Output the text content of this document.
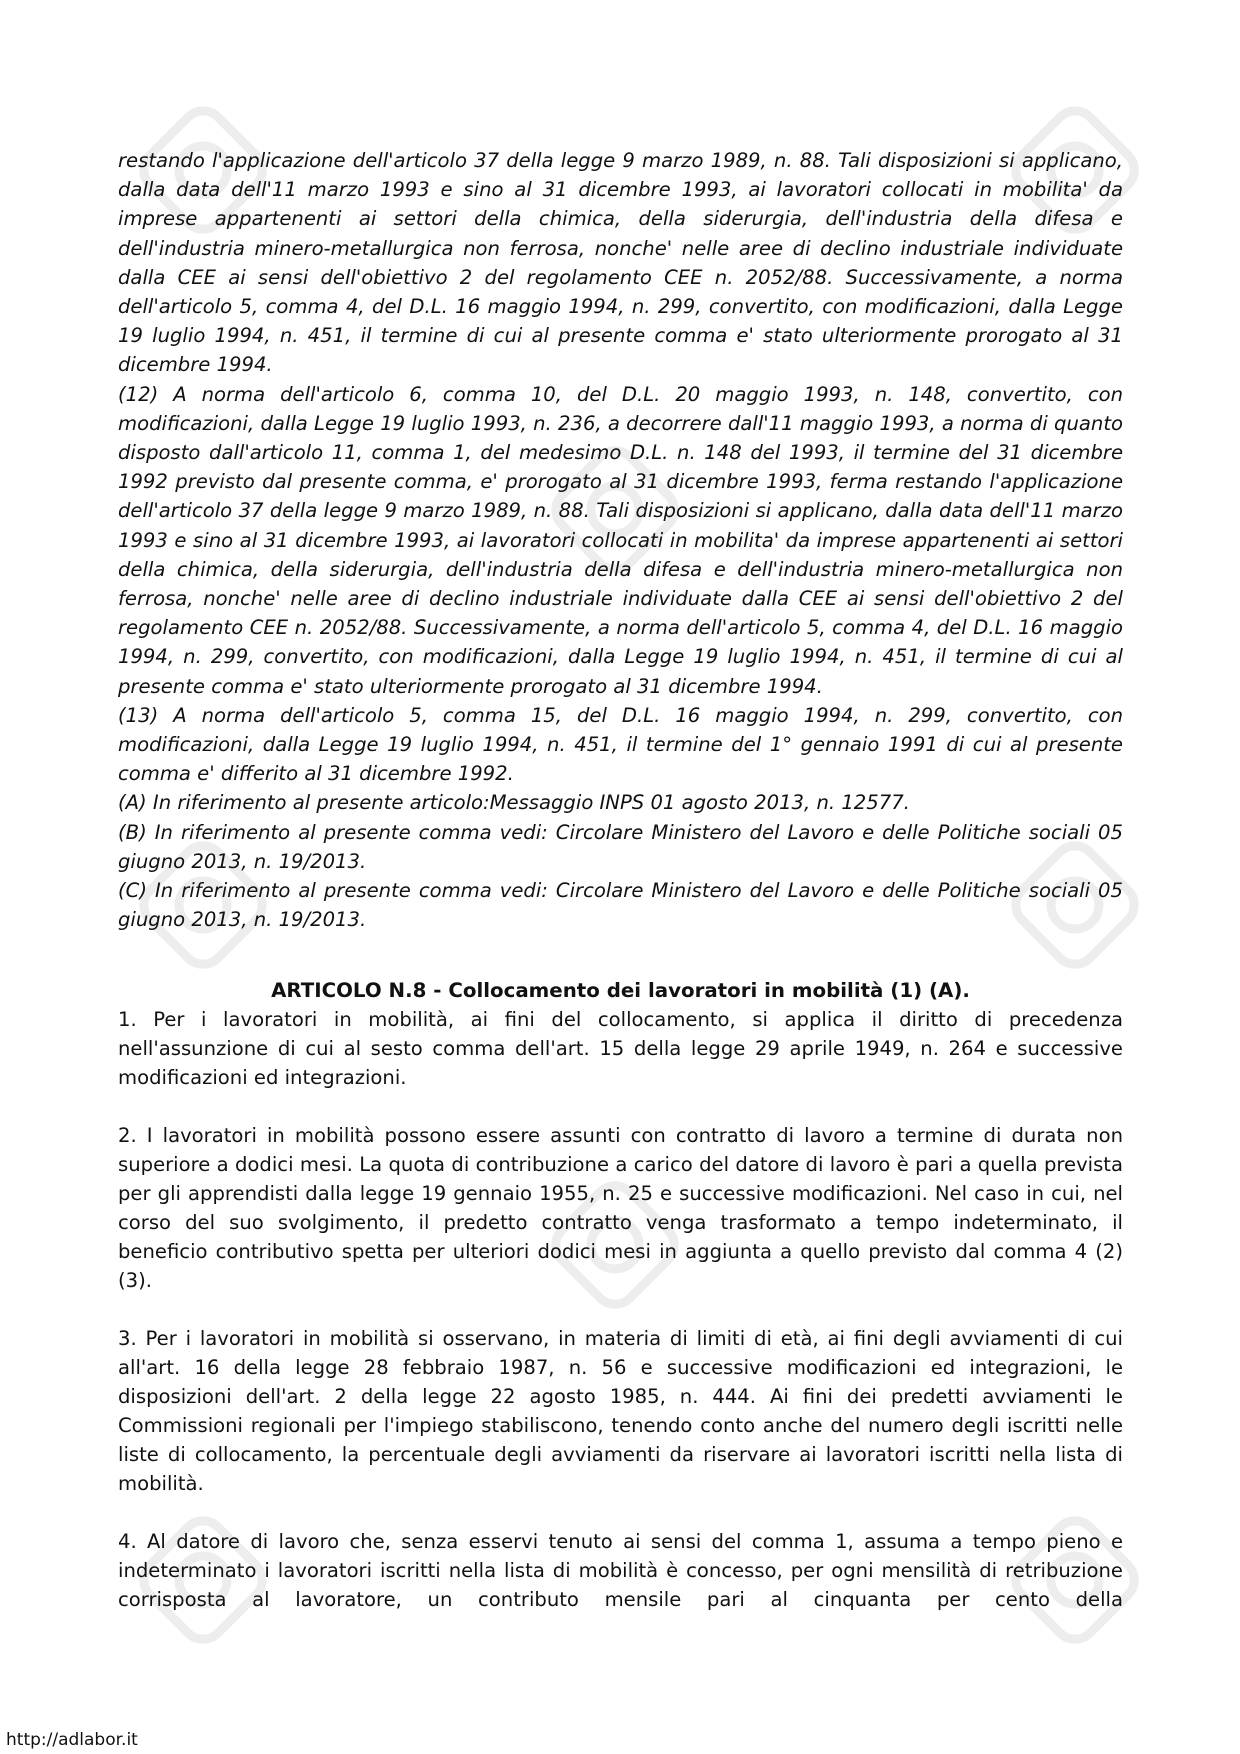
restando l'applicazione dell'articolo 37 della legge 9 marzo 1989, n. 88. Tali disposizioni si applicano, dalla data dell'11 marzo 1993 e sino al 31 dicembre 1993, ai lavoratori collocati in mobilita' da imprese appartenenti ai settori della chimica, della siderurgia, dell'industria della difesa e dell'industria minero-metallurgica non ferrosa, nonche' nelle aree di declino industriale individuate dalla CEE ai sensi dell'obiettivo 2 del regolamento CEE n. 2052/88. Successivamente, a norma dell'articolo 5, comma 4, del D.L. 16 maggio 1994, n. 299, convertito, con modificazioni, dalla Legge 19 luglio 1994, n. 451, il termine di cui al presente comma e' stato ulteriormente prorogato al 31 dicembre 1994.

(12) A norma dell'articolo 6, comma 10, del D.L. 20 maggio 1993, n. 148, convertito, con modificazioni, dalla Legge 19 luglio 1993, n. 236, a decorrere dall'11 maggio 1993, a norma di quanto disposto dall'articolo 11, comma 1, del medesimo D.L. n. 148 del 1993, il termine del 31 dicembre 1992 previsto dal presente comma, e' prorogato al 31 dicembre 1993, ferma restando l'applicazione dell'articolo 37 della legge 9 marzo 1989, n. 88. Tali disposizioni si applicano, dalla data dell'11 marzo 1993 e sino al 31 dicembre 1993, ai lavoratori collocati in mobilita' da imprese appartenenti ai settori della chimica, della siderurgia, dell'industria della difesa e dell'industria minero-metallurgica non ferrosa, nonche' nelle aree di declino industriale individuate dalla CEE ai sensi dell'obiettivo 2 del regolamento CEE n. 2052/88. Successivamente, a norma dell'articolo 5, comma 4, del D.L. 16 maggio 1994, n. 299, convertito, con modificazioni, dalla Legge 19 luglio 1994, n. 451, il termine di cui al presente comma e' stato ulteriormente prorogato al 31 dicembre 1994.

(13) A norma dell'articolo 5, comma 15, del D.L. 16 maggio 1994, n. 299, convertito, con modificazioni, dalla Legge 19 luglio 1994, n. 451, il termine del 1° gennaio 1991 di cui al presente comma e' differito al 31 dicembre 1992.

(A) In riferimento al presente articolo:Messaggio INPS 01 agosto 2013, n. 12577.

(B) In riferimento al presente comma vedi: Circolare Ministero del Lavoro e delle Politiche sociali 05 giugno 2013, n. 19/2013.

(C) In riferimento al presente comma vedi: Circolare Ministero del Lavoro e delle Politiche sociali 05 giugno 2013, n. 19/2013.

ARTICOLO N.8 - Collocamento dei lavoratori in mobilità (1) (A).

1. Per i lavoratori in mobilità, ai fini del collocamento, si applica il diritto di precedenza nell'assunzione di cui al sesto comma dell'art. 15 della legge 29 aprile 1949, n. 264 e successive modificazioni ed integrazioni.

2. I lavoratori in mobilità possono essere assunti con contratto di lavoro a termine di durata non superiore a dodici mesi. La quota di contribuzione a carico del datore di lavoro è pari a quella prevista per gli apprendisti dalla legge 19 gennaio 1955, n. 25 e successive modificazioni. Nel caso in cui, nel corso del suo svolgimento, il predetto contratto venga trasformato a tempo indeterminato, il beneficio contributivo spetta per ulteriori dodici mesi in aggiunta a quello previsto dal comma 4 (2) (3).

3. Per i lavoratori in mobilità si osservano, in materia di limiti di età, ai fini degli avviamenti di cui all'art. 16 della legge 28 febbraio 1987, n. 56 e successive modificazioni ed integrazioni, le disposizioni dell'art. 2 della legge 22 agosto 1985, n. 444. Ai fini dei predetti avviamenti le Commissioni regionali per l'impiego stabiliscono, tenendo conto anche del numero degli iscritti nelle liste di collocamento, la percentuale degli avviamenti da riservare ai lavoratori iscritti nella lista di mobilità.

4. Al datore di lavoro che, senza esservi tenuto ai sensi del comma 1, assuma a tempo pieno e indeterminato i lavoratori iscritti nella lista di mobilità è concesso, per ogni mensilità di retribuzione corrisposta al lavoratore, un contributo mensile pari al cinquanta per cento della

http://adlabor.it
